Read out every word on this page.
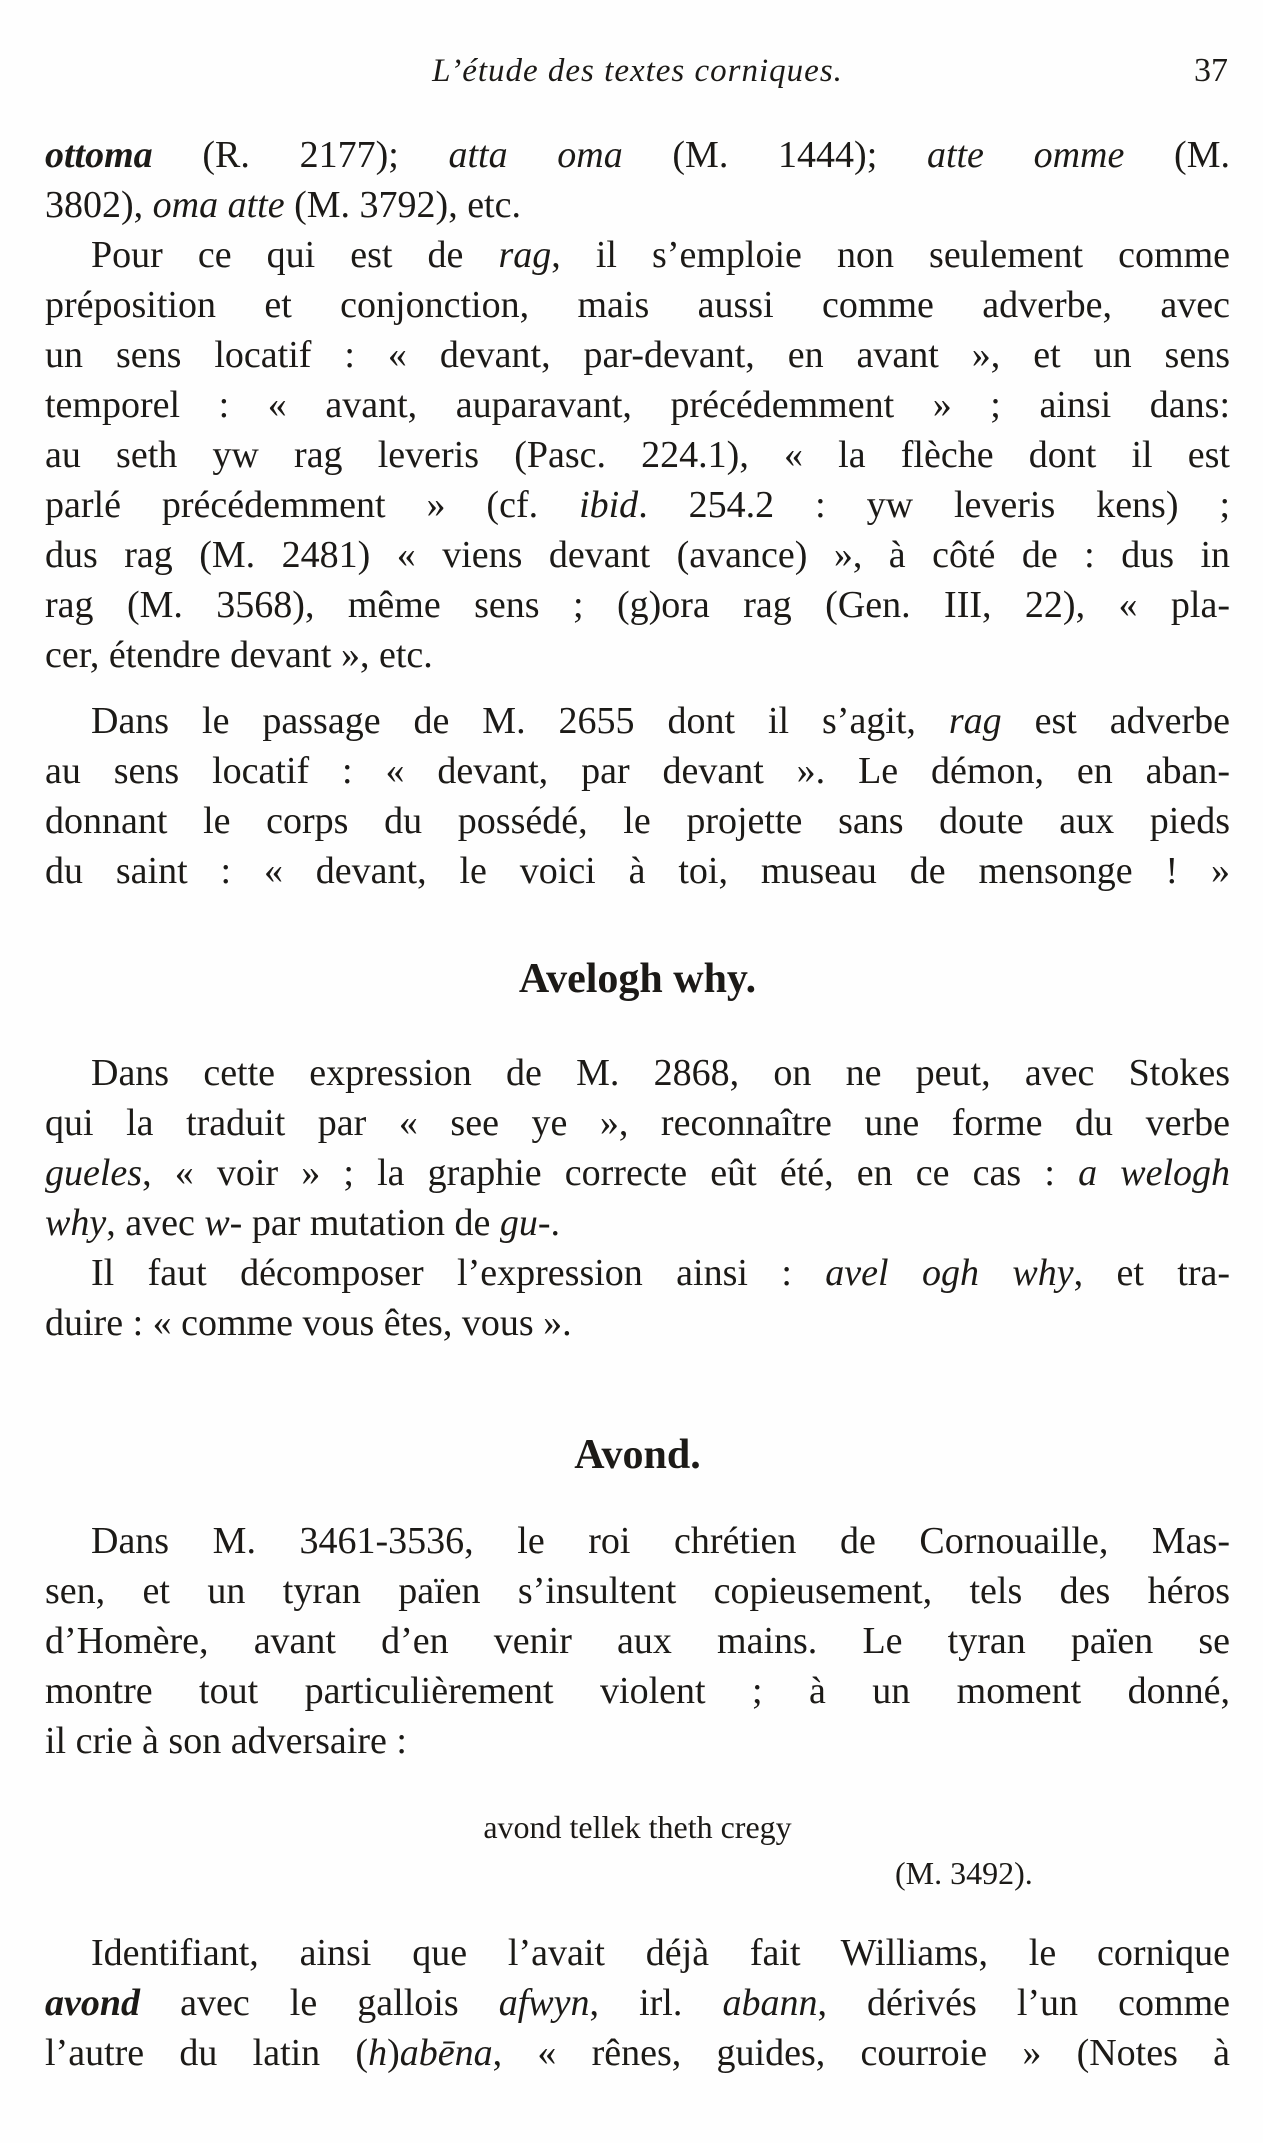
L’étude des textes corniques.	37
ottoma (R. 2177); atta oma (M. 1444); atte omme (M.
3802), oma atte (M. 3792), etc.
Pour ce qui est de rag, il s’emploie non seulement comme
préposition et conjonction, mais aussi comme adverbe, avec
un sens locatif : « devant, par-devant, en avant », et un sens
temporel : « avant, auparavant, précédemment » ; ainsi dans:
au seth yw rag leveris (Pasc. 224.1), « la flèche dont il est
parlé précédemment » (cf. ibid. 254.2 : yw leveris kens) ;
dus rag (M. 2481) « viens devant (avance) », à côté de : dus in
rag (M. 3568), même sens ; (g)ora rag (Gen. III, 22), « pla-
cer, étendre devant », etc.
Dans le passage de M. 2655 dont il s’agit, rag est adverbe
au sens locatif : « devant, par devant ». Le démon, en aban-
donnant le corps du possédé, le projette sans doute aux pieds
du saint : « devant, le voici à toi, museau de mensonge ! »
Avelogh why.
Dans cette expression de M. 2868, on ne peut, avec Stokes
qui la traduit par « see ye », reconnaître une forme du verbe
gueles, « voir » ; la graphie correcte eût été, en ce cas : a welogh
why, avec w- par mutation de gu-.
Il faut décomposer l’expression ainsi : avel ogh why, et tra-
duire : « comme vous êtes, vous ».
Avond.
Dans M. 3461-3536, le roi chrétien de Cornouaille, Mas-
sen, et un tyran païen s’insultent copieusement, tels des héros
d’Homère, avant d’en venir aux mains. Le tyran païen se
montre tout particulièrement violent ; à un moment donné,
il crie à son adversaire :
avond tellek theth cregy
(M. 3492).
Identifiant, ainsi que l’avait déjà fait Williams, le cornique
avond avec le gallois afwyn, irl. abann, dérivés l’un comme
l’autre du latin (h)abēna, « rênes, guides, courroie » (Notes à
